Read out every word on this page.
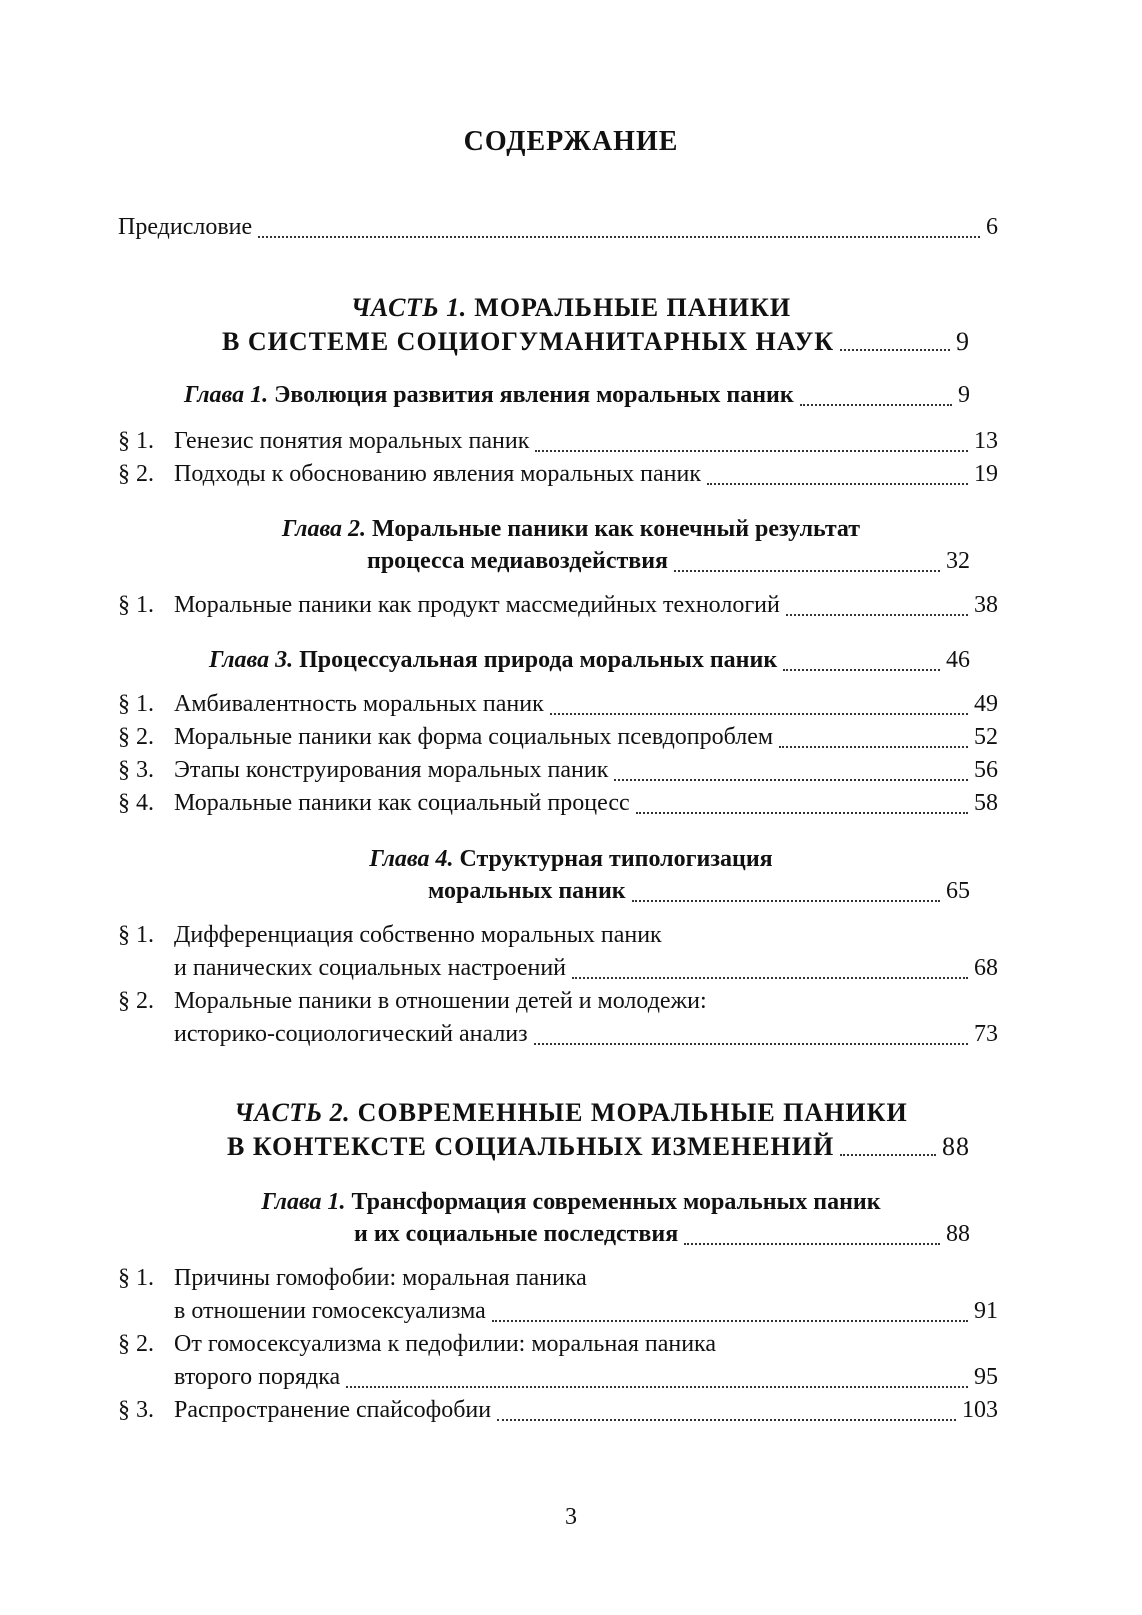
СОДЕРЖАНИЕ
Предисловие	6
ЧАСТЬ 1. МОРАЛЬНЫЕ ПАНИКИ
В СИСТЕМЕ СОЦИОГУМАНИТАРНЫХ НАУК	9
Глава 1. Эволюция развития явления моральных паник	9
§ 1. Генезис понятия моральных паник	13
§ 2. Подходы к обоснованию явления моральных паник	19
Глава 2. Моральные паники как конечный результат
процесса медиавоздействия	32
§ 1. Моральные паники как продукт массмедийных технологий	38
Глава 3. Процессуальная природа моральных паник	46
§ 1. Амбивалентность моральных паник	49
§ 2. Моральные паники как форма социальных псевдопроблем	52
§ 3. Этапы конструирования моральных паник	56
§ 4. Моральные паники как социальный процесс	58
Глава 4. Структурная типологизация
моральных паник	65
§ 1. Дифференциация собственно моральных паник
и панических социальных настроений	68
§ 2. Моральные паники в отношении детей и молодежи:
историко-социологический анализ	73
ЧАСТЬ 2. СОВРЕМЕННЫЕ МОРАЛЬНЫЕ ПАНИКИ
В КОНТЕКСТЕ СОЦИАЛЬНЫХ ИЗМЕНЕНИЙ	88
Глава 1. Трансформация современных моральных паник
и их социальные последствия	88
§ 1. Причины гомофобии: моральная паника
в отношении гомосексуализма	91
§ 2. От гомосексуализма к педофилии: моральная паника
второго порядка	95
§ 3. Распространение спайсофобии	103
3
